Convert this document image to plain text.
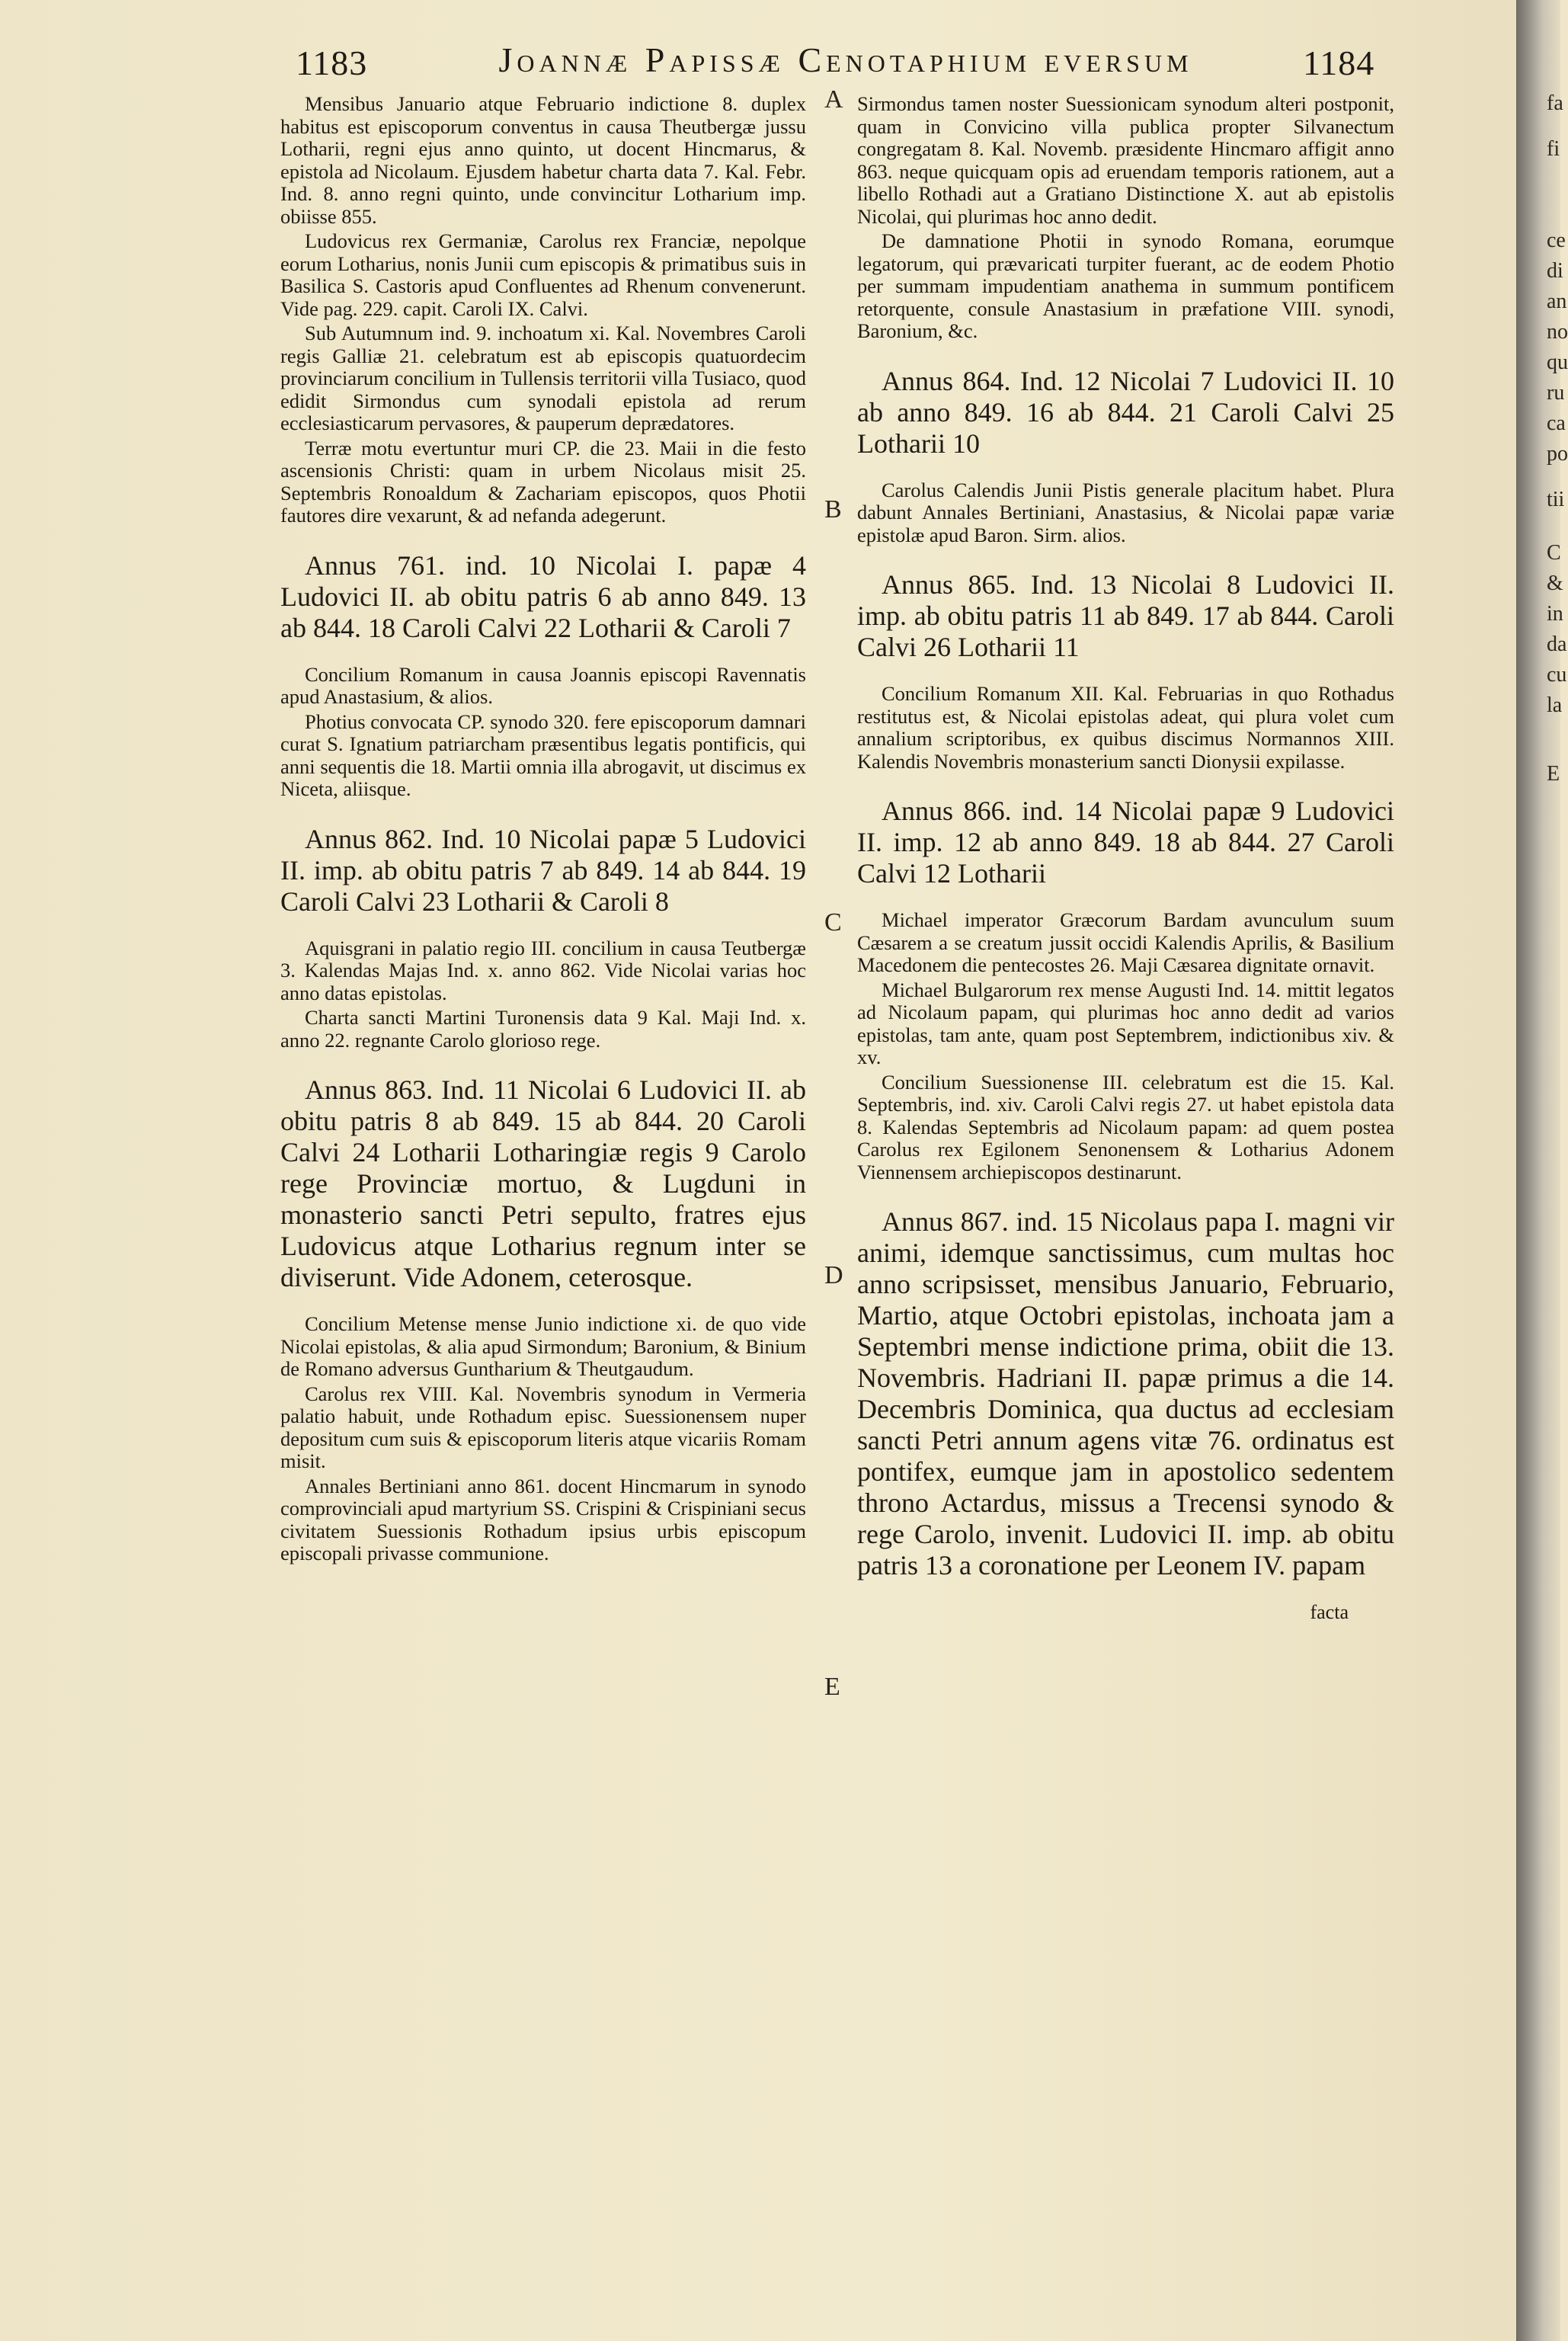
fa
fi
ce
di
an
no
qu
ru
ca
po
tii
C
&
in
da
cu
la
E
1183	Joannæ Papissæ Cenotaphium eversum	1184

Mensibus Januario atque Februario indictione 8. duplex habitus est episcoporum conventus in causa Theutbergæ jussu Lotharii, regni ejus anno quinto, ut docent Hincmarus, & epistola ad Nicolaum. Ejusdem habetur charta data 7. Kal. Febr. Ind. 8. anno regni quinto, unde convincitur Lotharium imp. obiisse 855.

Ludovicus rex Germaniæ, Carolus rex Franciæ, nepolque eorum Lotharius, nonis Junii cum episcopis & primatibus suis in Basilica S. Castoris apud Confluentes ad Rhenum convenerunt. Vide pag. 229. capit. Caroli IX. Calvi.

Sub Autumnum ind. 9. inchoatum xi. Kal. Novembres Caroli regis Galliæ 21. celebratum est ab episcopis quatuordecim provinciarum concilium in Tullensis territorii villa Tusiaco, quod edidit Sirmondus cum synodali epistola ad rerum ecclesiasticarum pervasores, & pauperum deprædatores.

Terræ motu evertuntur muri CP. die 23. Maii in die festo ascensionis Christi: quam in urbem Nicolaus misit 25. Septembris Ronoaldum & Zachariam episcopos, quos Photii fautores dire vexarunt, & ad nefanda adegerunt.

Annus 761. ind. 10 Nicolai I. papæ 4 Ludovici II. ab obitu patris 6 ab anno 849. 13 ab 844. 18 Caroli Calvi 22 Lotharii & Caroli 7

Concilium Romanum in causa Joannis episcopi Ravennatis apud Anastasium, & alios.

Photius convocata CP. synodo 320. fere episcoporum damnari curat S. Ignatium patriarcham præsentibus legatis pontificis, qui anni sequentis die 18. Martii omnia illa abrogavit, ut discimus ex Niceta, aliisque.

Annus 862. Ind. 10 Nicolai papæ 5 Ludovici II. imp. ab obitu patris 7 ab 849. 14 ab 844. 19 Caroli Calvi 23 Lotharii & Caroli 8

Aquisgrani in palatio regio III. concilium in causa Teutbergæ 3. Kalendas Majas Ind. x. anno 862. Vide Nicolai varias hoc anno datas epistolas.

Charta sancti Martini Turonensis data 9 Kal. Maji Ind. x. anno 22. regnante Carolo glorioso rege.

Annus 863. Ind. 11 Nicolai 6 Ludovici II. ab obitu patris 8 ab 849. 15 ab 844. 20 Caroli Calvi 24 Lotharii Lotharingiæ regis 9 Carolo rege Provinciæ mortuo, & Lugduni in monasterio sancti Petri sepulto, fratres ejus Ludovicus atque Lotharius regnum inter se diviserunt. Vide Adonem, ceterosque.

Concilium Metense mense Junio indictione xi. de quo vide Nicolai epistolas, & alia apud Sirmondum; Baronium, & Binium de Romano adversus Guntharium & Theutgaudum.

Carolus rex VIII. Kal. Novembris synodum in Vermeria palatio habuit, unde Rothadum episc. Suessionensem nuper depositum cum suis & episcoporum literis atque vicariis Romam misit.

Annales Bertiniani anno 861. docent Hincmarum in synodo comprovinciali apud martyrium SS. Crispini & Crispiniani secus civitatem Suessionis Rothadum ipsius urbis episcopum episcopali privasse communione.

Sirmondus tamen noster Suessionicam synodum alteri postponit, quam in Convicino villa publica propter Silvanectum congregatam 8. Kal. Novemb. præsidente Hincmaro affigit anno 863. neque quicquam opis ad eruendam temporis rationem, aut a libello Rothadi aut a Gratiano Distinctione X. aut ab epistolis Nicolai, qui plurimas hoc anno dedit.

De damnatione Photii in synodo Romana, eorumque legatorum, qui prævaricati turpiter fuerant, ac de eodem Photio per summam impudentiam anathema in summum pontificem retorquente, consule Anastasium in præfatione VIII. synodi, Baronium, &c.

Annus 864. Ind. 12 Nicolai 7 Ludovici II. 10 ab anno 849. 16 ab 844. 21 Caroli Calvi 25 Lotharii 10

Carolus Calendis Junii Pistis generale placitum habet. Plura dabunt Annales Bertiniani, Anastasius, & Nicolai papæ variæ epistolæ apud Baron. Sirm. alios.

Annus 865. Ind. 13 Nicolai 8 Ludovici II. imp. ab obitu patris 11 ab 849. 17 ab 844. Caroli Calvi 26 Lotharii 11

Concilium Romanum XII. Kal. Februarias in quo Rothadus restitutus est, & Nicolai epistolas adeat, qui plura volet cum annalium scriptoribus, ex quibus discimus Normannos XIII. Kalendis Novembris monasterium sancti Dionysii expilasse.

Annus 866. ind. 14 Nicolai papæ 9 Ludovici II. imp. 12 ab anno 849. 18 ab 844. 27 Caroli Calvi 12 Lotharii

Michael imperator Græcorum Bardam avunculum suum Cæsarem a se creatum jussit occidi Kalendis Aprilis, & Basilium Macedonem die pentecostes 26. Maji Cæsarea dignitate ornavit.

Michael Bulgarorum rex mense Augusti Ind. 14. mittit legatos ad Nicolaum papam, qui plurimas hoc anno dedit ad varios epistolas, tam ante, quam post Septembrem, indictionibus xiv. & xv.

Concilium Suessionense III. celebratum est die 15. Kal. Septembris, ind. xiv. Caroli Calvi regis 27. ut habet epistola data 8. Kalendas Septembris ad Nicolaum papam: ad quem postea Carolus rex Egilonem Senonensem & Lotharius Adonem Viennensem archiepiscopos destinarunt.

Annus 867. ind. 15 Nicolaus papa I. magni vir animi, idemque sanctissimus, cum multas hoc anno scripsisset, mensibus Januario, Februario, Martio, atque Octobri epistolas, inchoata jam a Septembri mense indictione prima, obiit die 13. Novembris. Hadriani II. papæ primus a die 14. Decembris Dominica, qua ductus ad ecclesiam sancti Petri annum agens vitæ 76. ordinatus est pontifex, eumque jam in apostolico sedentem throno Actardus, missus a Trecensi synodo & rege Carolo, invenit. Ludovici II. imp. ab obitu patris 13 a coronatione per Leonem IV. papam

facta

A
B
C
D
E
